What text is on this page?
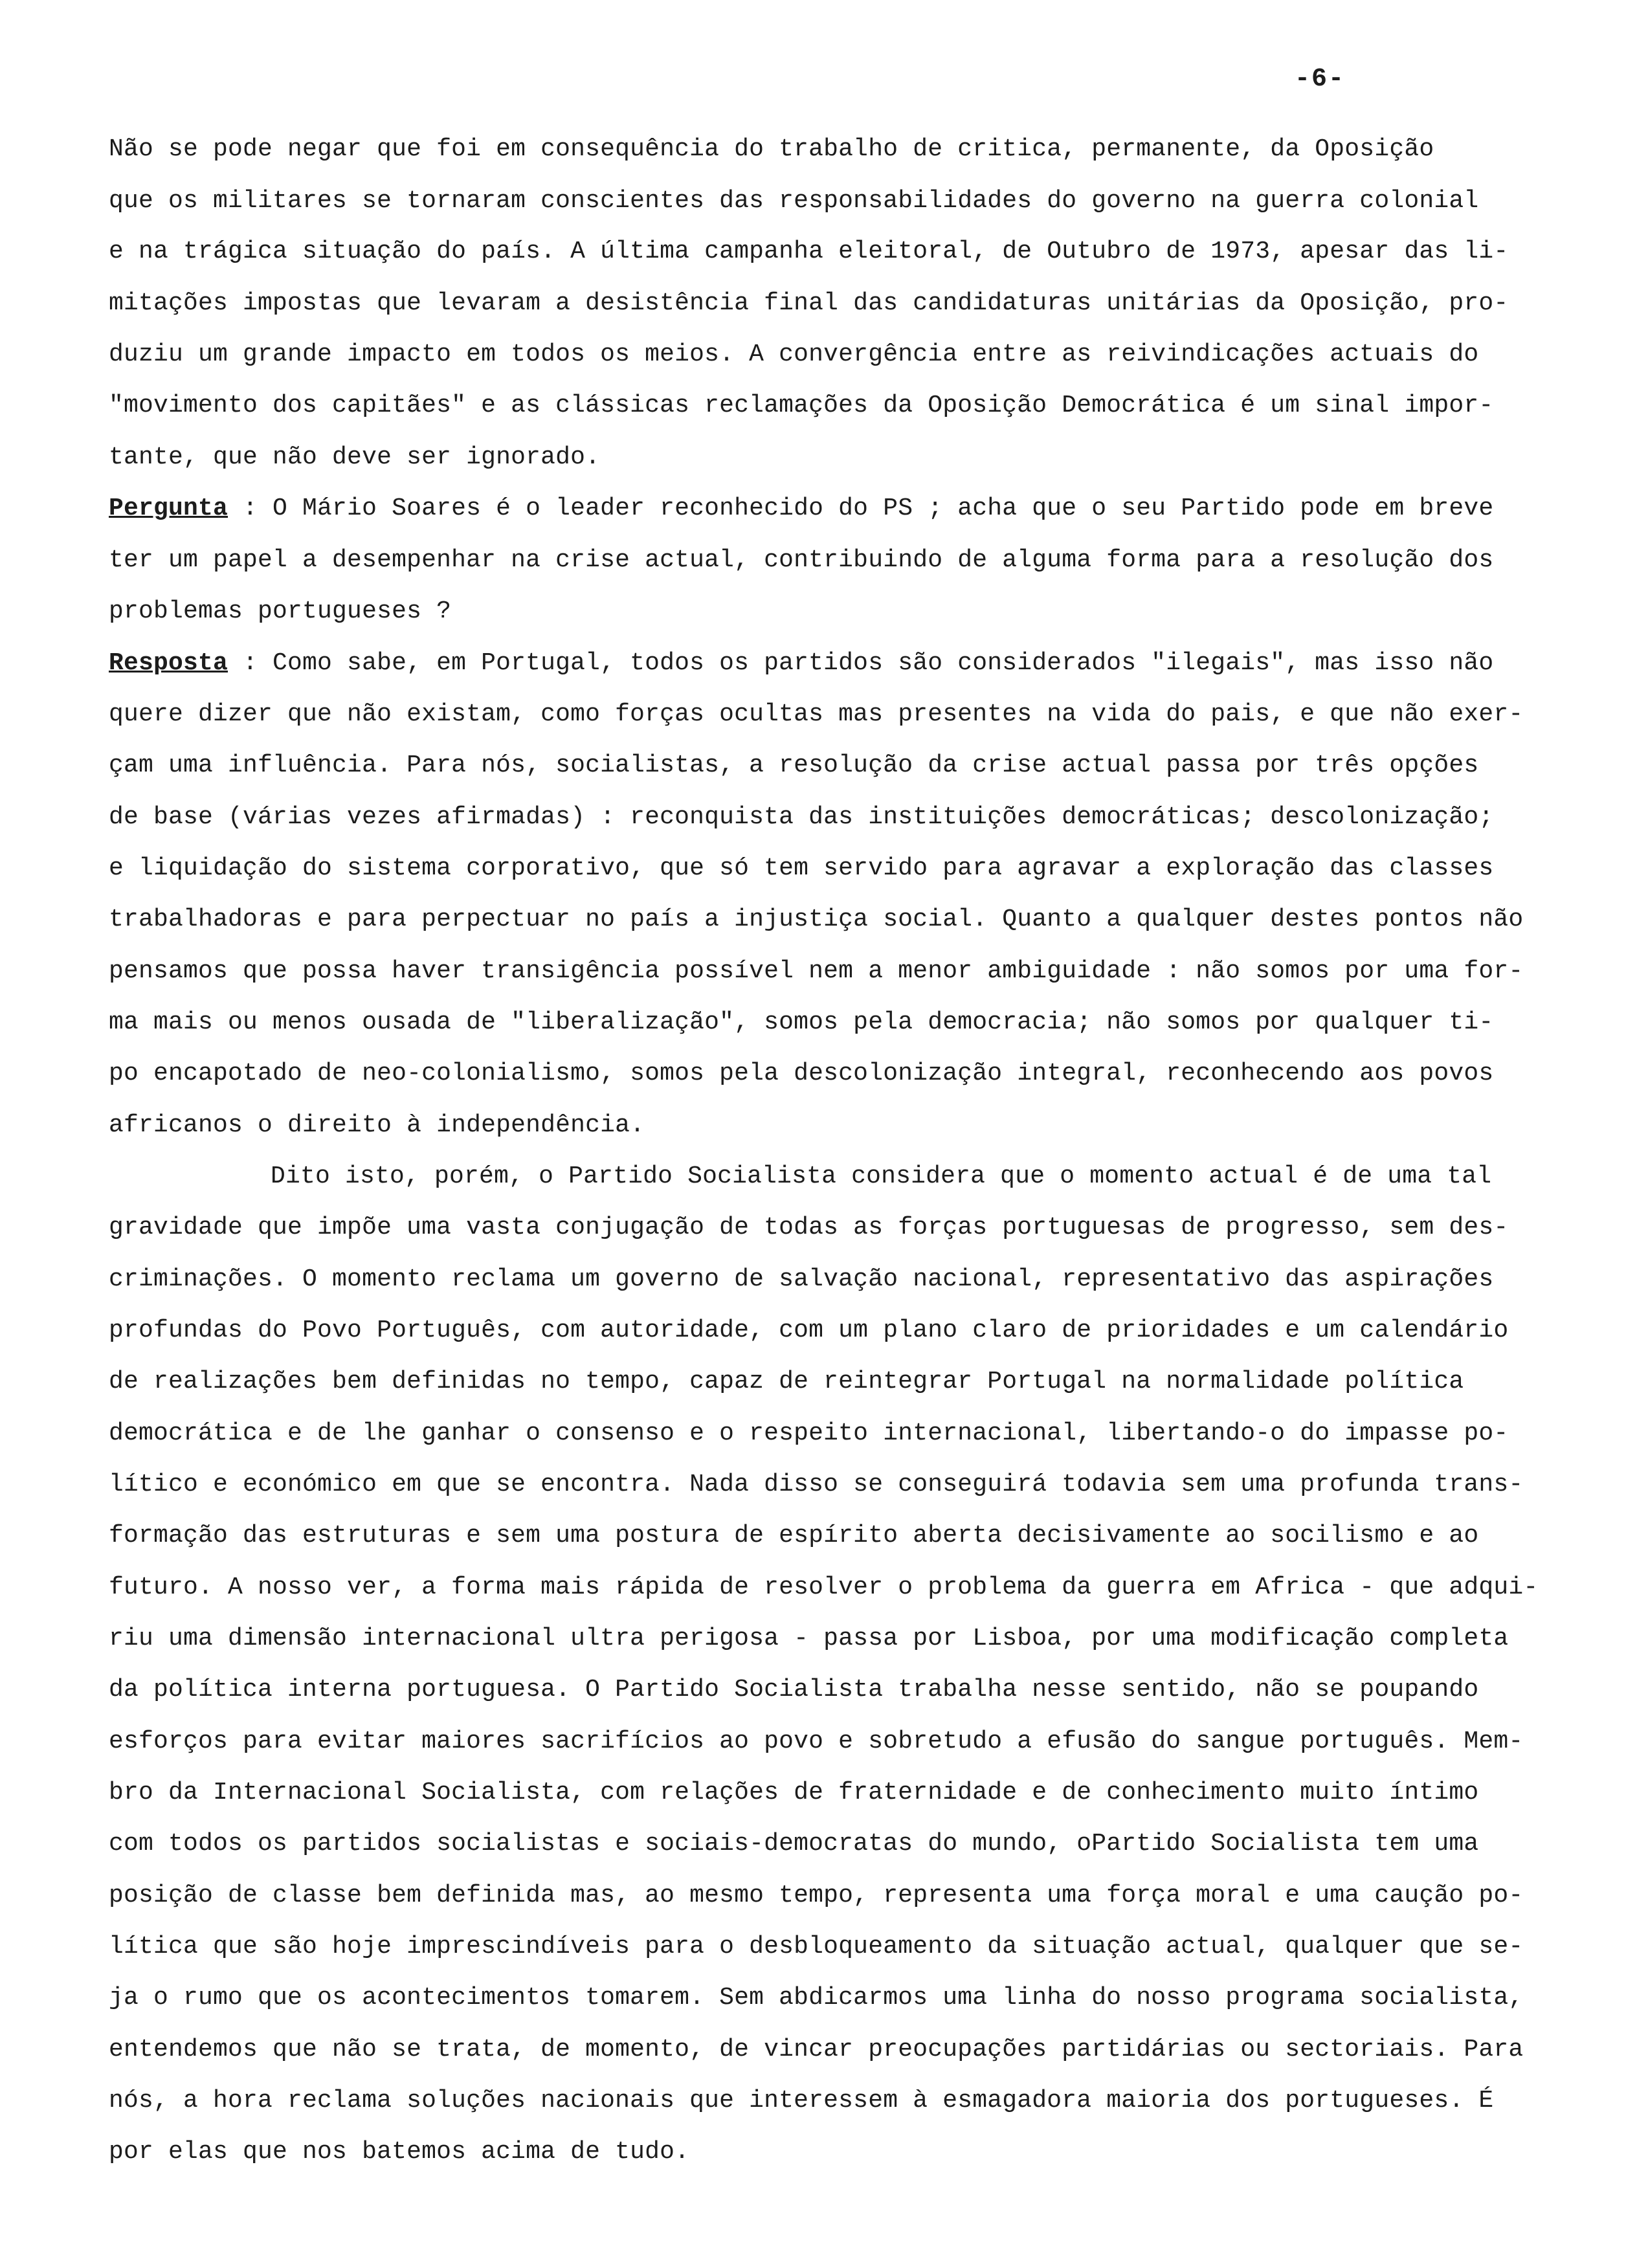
-6-
Não se pode negar que foi em consequência do trabalho de critica, permanente, da Oposição
que os militares se tornaram conscientes das responsabilidades do governo na guerra colonial
e na trágica situação do país. A última campanha eleitoral, de Outubro de 1973, apesar das li-
mitações impostas que levaram a desistência final das candidaturas unitárias da Oposição, pro-
duziu um grande impacto em todos os meios. A convergência entre as reivindicações actuais do
"movimento dos capitães" e as clássicas reclamações da Oposição Democrática é um sinal impor-
tante, que não deve ser ignorado.
Pergunta : O Mário Soares é o leader reconhecido do PS ; acha que o seu Partido pode em breve
ter um papel a desempenhar na crise actual, contribuindo de alguma forma para a resolução dos
problemas portugueses ?
Resposta : Como sabe, em Portugal, todos os partidos são considerados "ilegais", mas isso não
quere dizer que não existam, como forças ocultas mas presentes na vida do pais, e que não exer-
çam uma influência. Para nós, socialistas, a resolução da crise actual passa por três opções
de base (várias vezes afirmadas) : reconquista das instituições democráticas; descolonização;
e liquidação do sistema corporativo, que só tem servido para agravar a exploração das classes
trabalhadoras e para perpectuar no país a injustiça social. Quanto a qualquer destes pontos não
pensamos que possa haver transigência possível nem a menor ambiguidade : não somos por uma for-
ma mais ou menos ousada de "liberalização", somos pela democracia; não somos por qualquer ti-
po encapotado de neo-colonialismo, somos pela descolonização integral, reconhecendo aos povos
africanos o direito à independência.
Dito isto, porém, o Partido Socialista considera que o momento actual é de uma tal
gravidade que impõe uma vasta conjugação de todas as forças portuguesas de progresso, sem des-
criminações. O momento reclama um governo de salvação nacional, representativo das aspirações
profundas do Povo Português, com autoridade, com um plano claro de prioridades e um calendário
de realizações bem definidas no tempo, capaz de reintegrar Portugal na normalidade política
democrática e de lhe ganhar o consenso e o respeito internacional, libertando-o do impasse po-
lítico e económico em que se encontra. Nada disso se conseguirá todavia sem uma profunda trans-
formação das estruturas e sem uma postura de espírito aberta decisivamente ao socilismo e ao
futuro. A nosso ver, a forma mais rápida de resolver o problema da guerra em Africa - que adqui-
riu uma dimensão internacional ultra perigosa - passa por Lisboa, por uma modificação completa
da política interna portuguesa. O Partido Socialista trabalha nesse sentido, não se poupando
esforços para evitar maiores sacrifícios ao povo e sobretudo a efusão do sangue português. Mem-
bro da Internacional Socialista, com relações de fraternidade e de conhecimento muito íntimo
com todos os partidos socialistas e sociais-democratas do mundo, oPartido Socialista tem uma
posição de classe bem definida mas, ao mesmo tempo, representa uma força moral e uma caução po-
lítica que são hoje imprescindíveis para o desbloqueamento da situação actual, qualquer que se-
ja o rumo que os acontecimentos tomarem. Sem abdicarmos uma linha do nosso programa socialista,
entendemos que não se trata, de momento, de vincar preocupações partidárias ou sectoriais. Para
nós, a hora reclama soluções nacionais que interessem à esmagadora maioria dos portugueses. É
por elas que nos batemos acima de tudo.
